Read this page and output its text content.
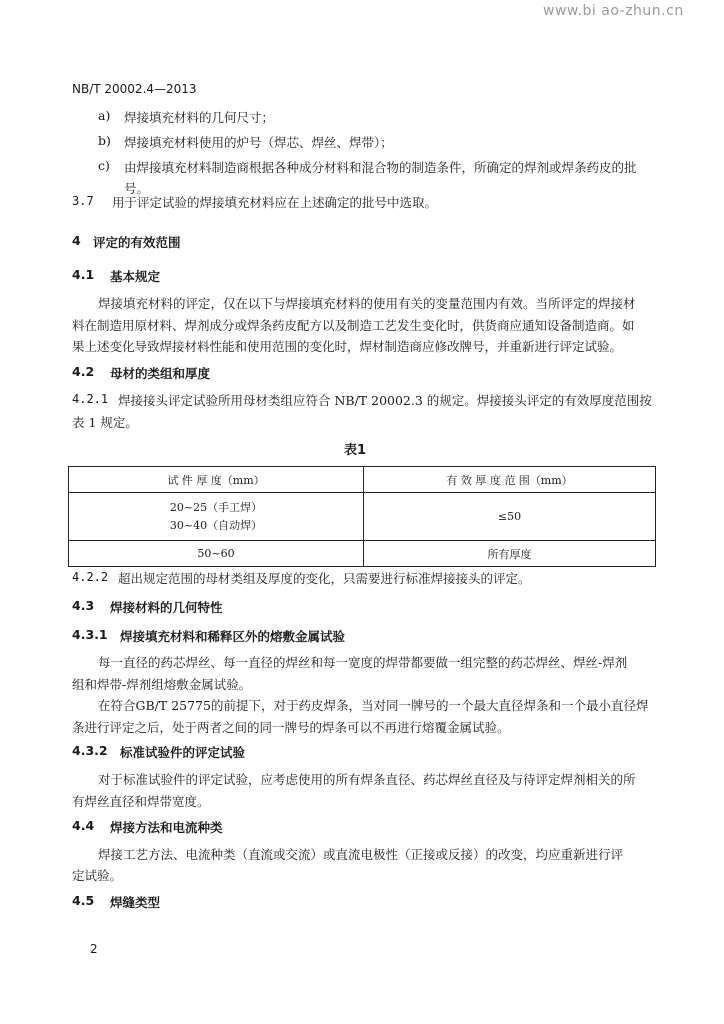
www.bi ao-zhun.cn
NB/T 20002.4—2013
a) 焊接填充材料的几何尺寸；
b) 焊接填充材料使用的炉号（焊芯、焊丝、焊带）；
c) 由焊接填充材料制造商根据各种成分材料和混合物的制造条件，所确定的焊剂或焊条药皮的批
号。
3.7 用于评定试验的焊接填充材料应在上述确定的批号中选取。
4 评定的有效范围
4.1 基本规定
焊接填充材料的评定，仅在以下与焊接填充材料的使用有关的变量范围内有效。当所评定的焊接材
料在制造用原材料、焊剂成分或焊条药皮配方以及制造工艺发生变化时，供货商应通知设备制造商。如
果上述变化导致焊接材料性能和使用范围的变化时，焊材制造商应修改牌号，并重新进行评定试验。
4.2 母材的类组和厚度
4.2.1 焊接接头评定试验所用母材类组应符合 NB/T 20002.3 的规定。焊接接头评定的有效厚度范围按
表 1 规定。
表1
试 件 厚 度（mm）	有 效 厚 度 范 围（mm）

20~25（手工焊）
30~40（自动焊）	≤50
50~60	所有厚度
4.2.2 超出规定范围的母材类组及厚度的变化，只需要进行标准焊接接头的评定。
4.3 焊接材料的几何特性
4.3.1 焊接填充材料和稀释区外的熔敷金属试验
每一直径的药芯焊丝、每一直径的焊丝和每一宽度的焊带都要做一组完整的药芯焊丝、焊丝-焊剂
组和焊带-焊剂组熔敷金属试验。
在符合GB/T 25775的前提下，对于药皮焊条，当对同一牌号的一个最大直径焊条和一个最小直径焊
条进行评定之后，处于两者之间的同一牌号的焊条可以不再进行熔覆金属试验。
4.3.2 标准试验件的评定试验
对于标准试验件的评定试验，应考虑使用的所有焊条直径、药芯焊丝直径及与待评定焊剂相关的所
有焊丝直径和焊带宽度。
4.4 焊接方法和电流种类
焊接工艺方法、电流种类（直流或交流）或直流电极性（正接或反接）的改变，均应重新进行评
定试验。
4.5 焊缝类型
2
